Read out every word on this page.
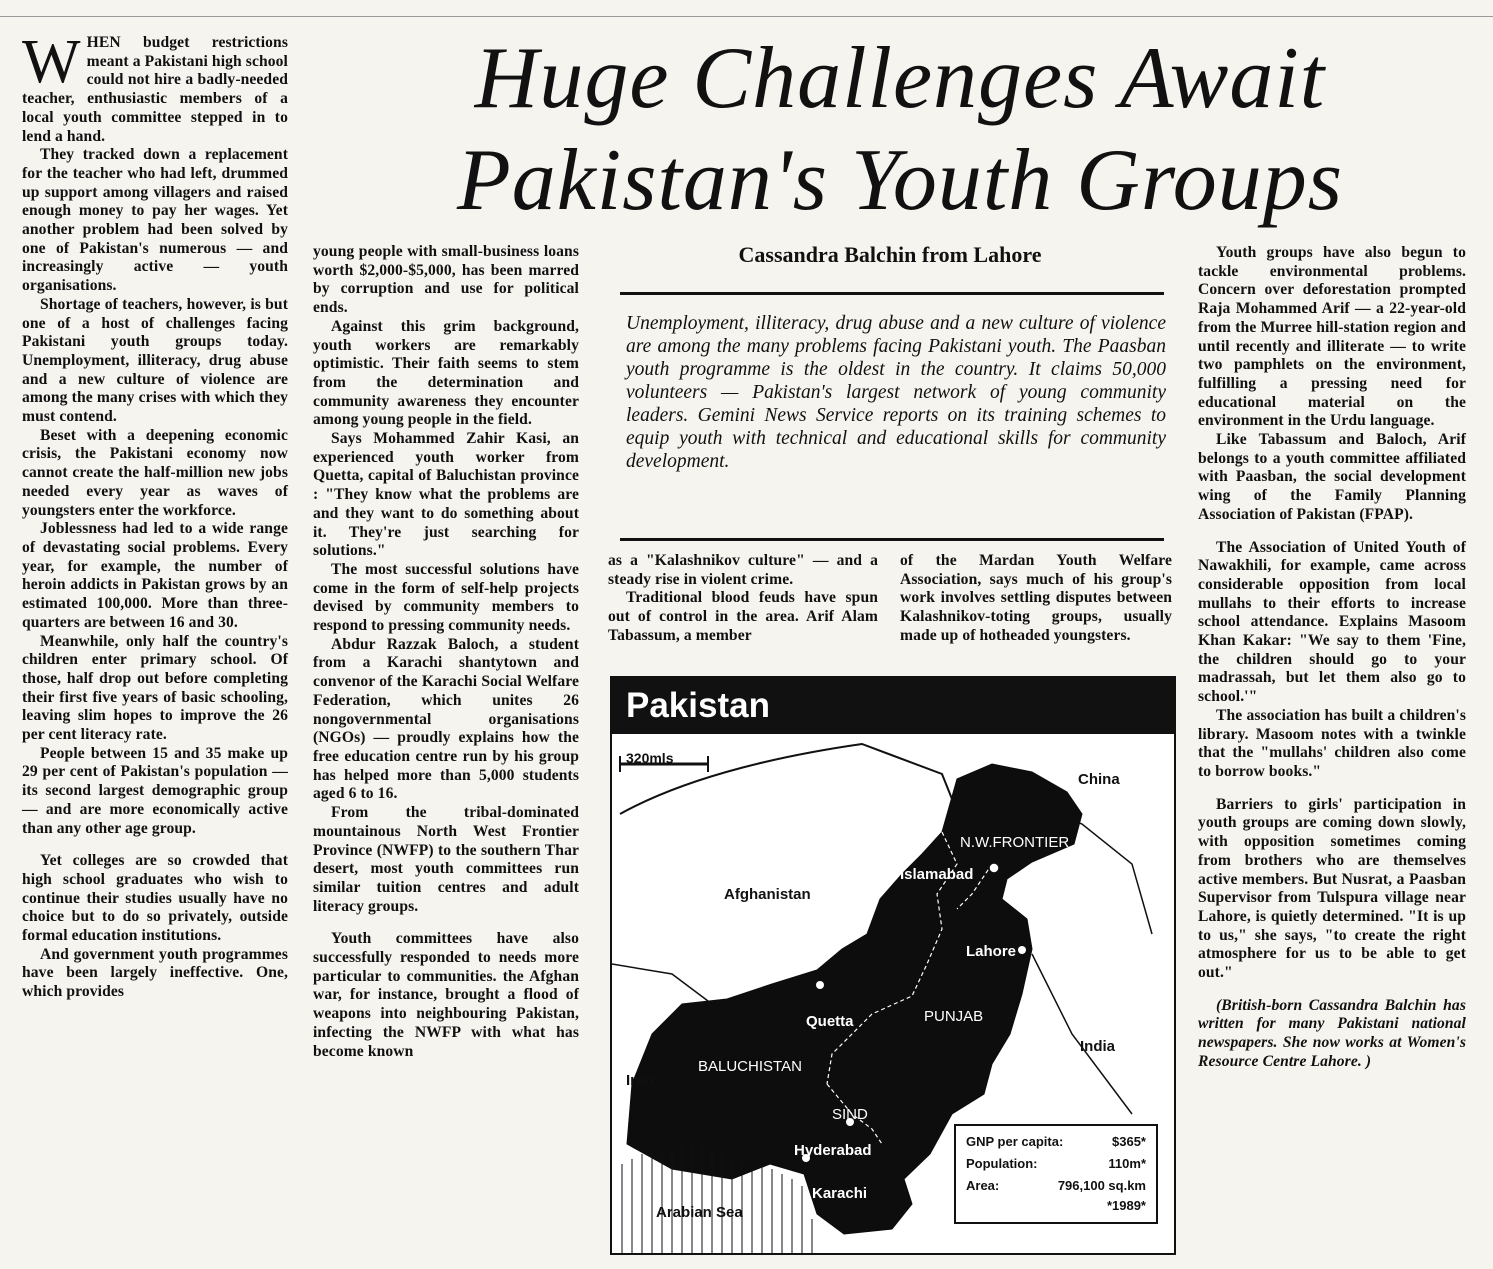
Huge Challenges Await Pakistan's Youth Groups

WHEN budget restrictions meant a Pakistani high school could not hire a badly-needed teacher, enthusiastic members of a local youth committee stepped in to lend a hand.

They tracked down a replacement for the teacher who had left, drummed up support among villagers and raised enough money to pay her wages. Yet another problem had been solved by one of Pakistan's numerous — and increasingly active — youth organisations.

Shortage of teachers, however, is but one of a host of challenges facing Pakistani youth groups today. Unemployment, illiteracy, drug abuse and a new culture of violence are among the many crises with which they must contend.

Beset with a deepening economic crisis, the Pakistani economy now cannot create the half-million new jobs needed every year as waves of youngsters enter the workforce.

Joblessness had led to a wide range of devastating social problems. Every year, for example, the number of heroin addicts in Pakistan grows by an estimated 100,000. More than three-quarters are between 16 and 30.

Meanwhile, only half the country's children enter primary school. Of those, half drop out before completing their first five years of basic schooling, leaving slim hopes to improve the 26 per cent literacy rate.

People between 15 and 35 make up 29 per cent of Pakistan's population — its second largest demographic group — and are more economically active than any other age group.

Yet colleges are so crowded that high school graduates who wish to continue their studies usually have no choice but to do so privately, outside formal education institutions.

And government youth programmes have been largely ineffective. One, which provides

young people with small-business loans worth $2,000-$5,000, has been marred by corruption and use for political ends.

Against this grim background, youth workers are remarkably optimistic. Their faith seems to stem from the determination and community awareness they encounter among young people in the field.

Says Mohammed Zahir Kasi, an experienced youth worker from Quetta, capital of Baluchistan province : "They know what the problems are and they want to do something about it. They're just searching for solutions."

The most successful solutions have come in the form of self-help projects devised by community members to respond to pressing community needs.

Abdur Razzak Baloch, a student from a Karachi shantytown and convenor of the Karachi Social Welfare Federation, which unites 26 nongovernmental organisations (NGOs) — proudly explains how the free education centre run by his group has helped more than 5,000 students aged 6 to 16.

From the tribal-dominated mountainous North West Frontier Province (NWFP) to the southern Thar desert, most youth committees run similar tuition centres and adult literacy groups.

Youth committees have also successfully responded to needs more particular to communities. the Afghan war, for instance, brought a flood of weapons into neighbouring Pakistan, infecting the NWFP with what has become known

Cassandra Balchin from Lahore

Unemployment, illiteracy, drug abuse and a new culture of violence are among the many problems facing Pakistani youth. The Paasban youth programme is the oldest in the country. It claims 50,000 volunteers — Pakistan's largest network of young community leaders. Gemini News Service reports on its training schemes to equip youth with technical and educational skills for community development.

as a "Kalashnikov culture" — and a steady rise in violent crime.

Traditional blood feuds have spun out of control in the area. Arif Alam Tabassum, a member

of the Mardan Youth Welfare Association, says much of his group's work involves settling disputes between Kalashnikov-toting groups, usually made up of hotheaded youngsters.

Pakistan
320mls
China
N.W.FRONTIER
Islamabad
Afghanistan
Lahore
Quetta	PUNJAB
India
Iran
BALUCHISTAN
SIND
Hyderabad
Karachi
Arabian Sea
GNP per capita:	$365*
Population:	110m*
Area:	796,100 sq.km
*1989*

Youth groups have also begun to tackle environmental problems. Concern over deforestation prompted Raja Mohammed Arif — a 22-year-old from the Murree hill-station region and until recently and illiterate — to write two pamphlets on the environment, fulfilling a pressing need for educational material on the environment in the Urdu language.

Like Tabassum and Baloch, Arif belongs to a youth committee affiliated with Paasban, the social development wing of the Family Planning Association of Pakistan (FPAP).

The Association of United Youth of Nawakhili, for example, came across considerable opposition from local mullahs to their efforts to increase school attendance. Explains Masoom Khan Kakar: "We say to them 'Fine, the children should go to your madrassah, but let them also go to school.'"

The association has built a children's library. Masoom notes with a twinkle that the "mullahs' children also come to borrow books."

Barriers to girls' participation in youth groups are coming down slowly, with opposition sometimes coming from brothers who are themselves active members. But Nusrat, a Paasban Supervisor from Tulspura village near Lahore, is quietly determined. "It is up to us," she says, "to create the right atmosphere for us to be able to get out."

(British-born Cassandra Balchin has written for many Pakistani national newspapers. She now works at Women's Resource Centre Lahore. )
